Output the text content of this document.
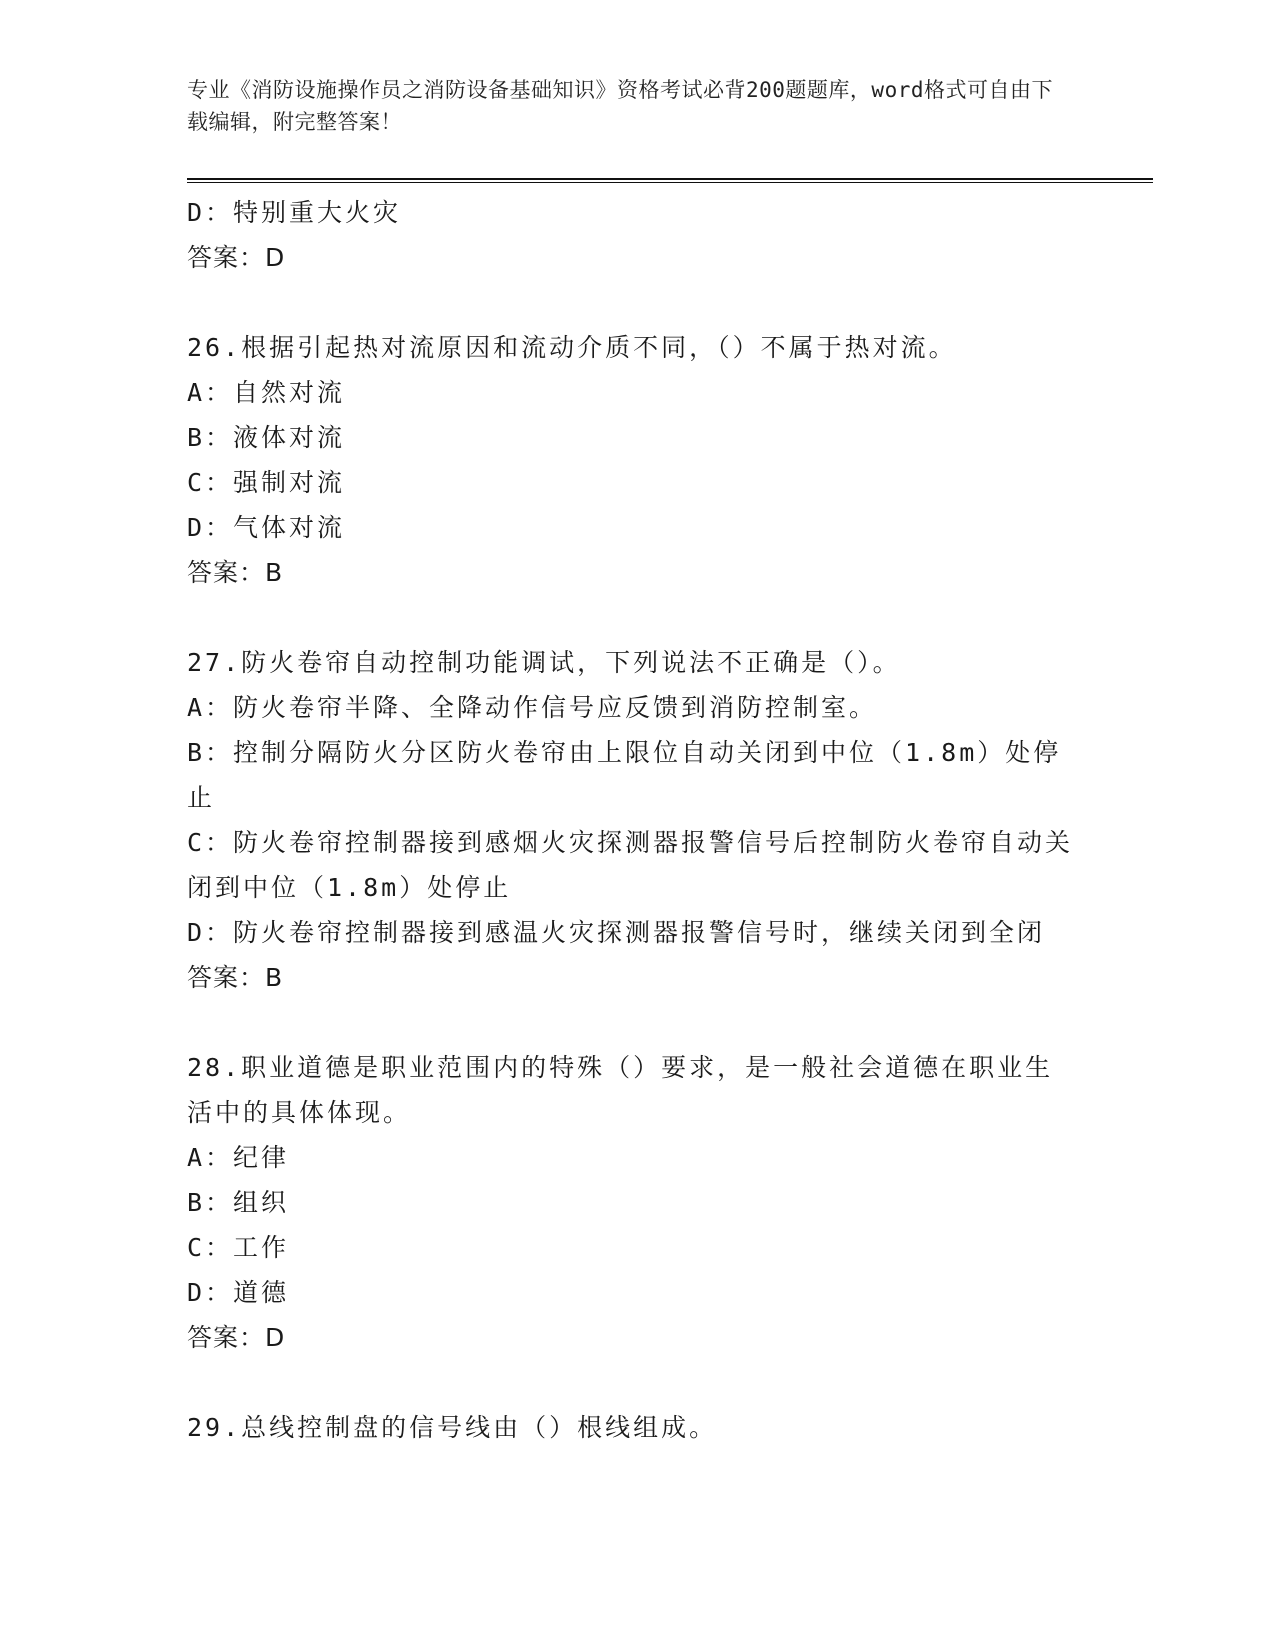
专业《消防设施操作员之消防设备基础知识》资格考试必背200题题库，word格式可自由下载编辑，附完整答案！
D：特别重大火灾
答案：D
26.根据引起热对流原因和流动介质不同，（）不属于热对流。
A：自然对流
B：液体对流
C：强制对流
D：气体对流
答案：B
27.防火卷帘自动控制功能调试，下列说法不正确是（）。
A：防火卷帘半降、全降动作信号应反馈到消防控制室。
B：控制分隔防火分区防火卷帘由上限位自动关闭到中位（1.8m）处停止
C：防火卷帘控制器接到感烟火灾探测器报警信号后控制防火卷帘自动关闭到中位（1.8m）处停止
D：防火卷帘控制器接到感温火灾探测器报警信号时，继续关闭到全闭
答案：B
28.职业道德是职业范围内的特殊（）要求，是一般社会道德在职业生活中的具体体现。
A：纪律
B：组织
C：工作
D：道德
答案：D
29.总线控制盘的信号线由（）根线组成。
